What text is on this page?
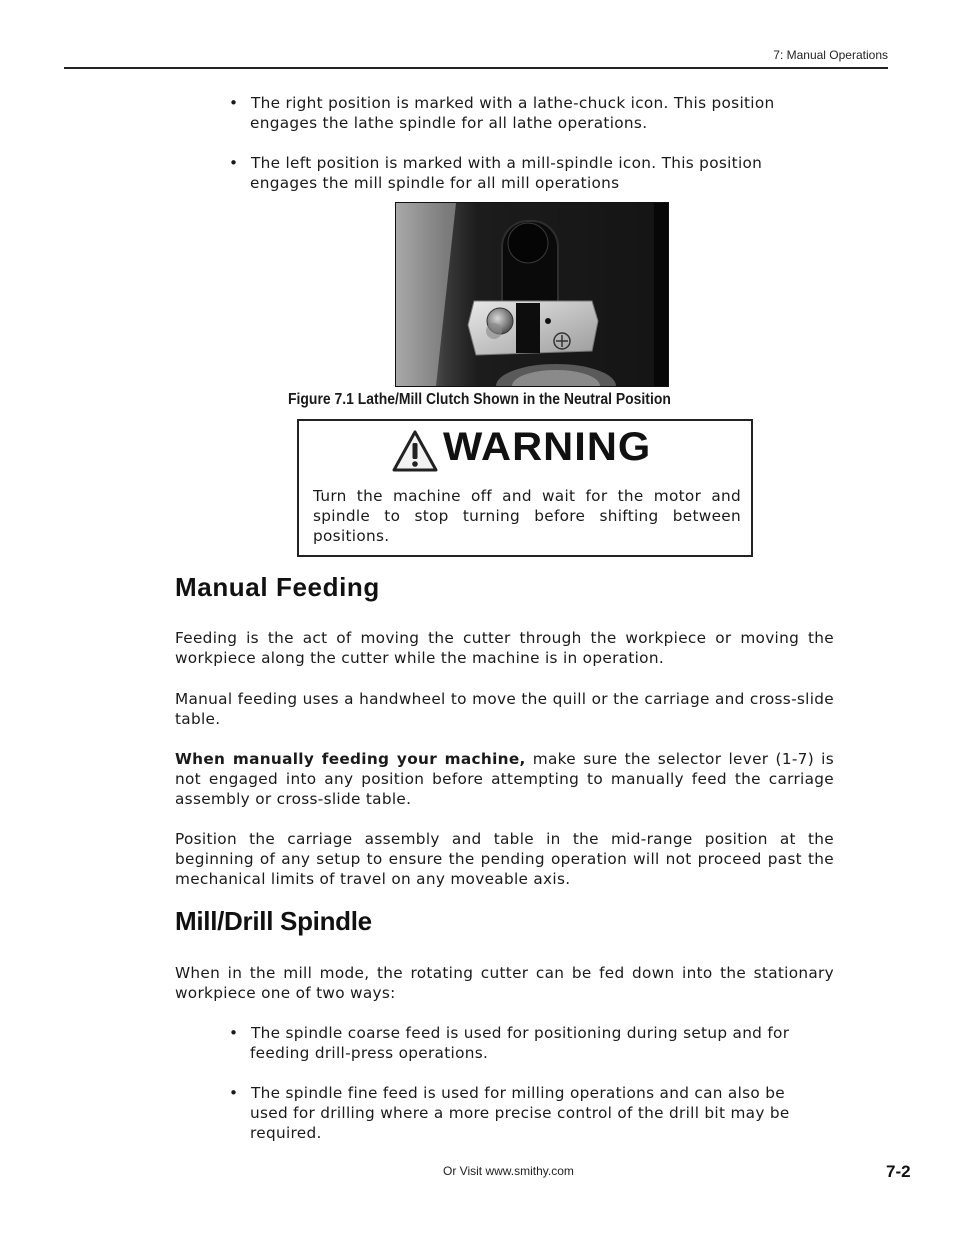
7: Manual Operations

• The right position is marked with a lathe-chuck icon. This position
engages the lathe spindle for all lathe operations.

• The left position is marked with a mill-spindle icon. This position
engages the mill spindle for all mill operations

Figure 7.1 Lathe/Mill Clutch Shown in the Neutral Position
WARNING

Turn the machine off and wait for the motor and spindle to stop turning before shifting between positions.

Manual Feeding

Feeding is the act of moving the cutter through the workpiece or moving the workpiece along the cutter while the machine is in operation.

Manual feeding uses a handwheel to move the quill or the carriage and cross-slide table.

When manually feeding your machine, make sure the selector lever (1-7) is not engaged into any position before attempting to manually feed the carriage assembly or cross-slide table.

Position the carriage assembly and table in the mid-range position at the beginning of any setup to ensure the pending operation will not proceed past the mechanical limits of travel on any moveable axis.

Mill/Drill Spindle

When in the mill mode, the rotating cutter can be fed down into the stationary workpiece one of two ways:

• The spindle coarse feed is used for positioning during setup and for
feeding drill-press operations.

• The spindle fine feed is used for milling operations and can also be
used for drilling where a more precise control of the drill bit may be
required.

Or Visit www.smithy.com	7-2
